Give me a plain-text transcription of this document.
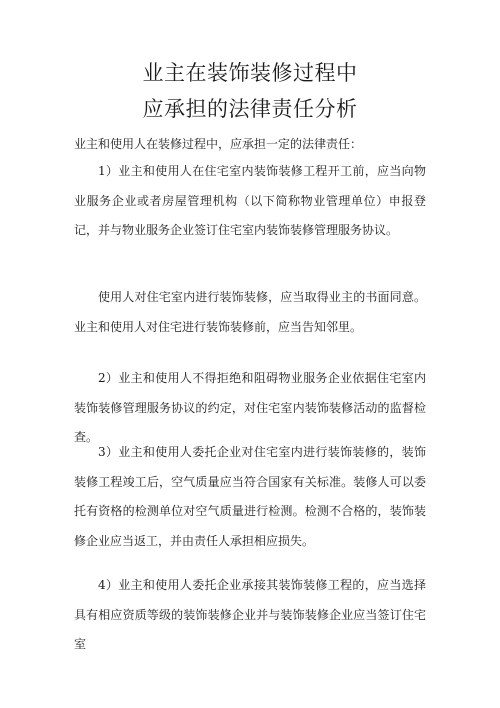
业主在装饰装修过程中
应承担的法律责任分析

业主和使用人在装修过程中，应承担一定的法律责任：

1）业主和使用人在住宅室内装饰装修工程开工前，应当向物业服务企业或者房屋管理机构（以下简称物业管理单位）申报登记，并与物业服务企业签订住宅室内装饰装修管理服务协议。

使用人对住宅室内进行装饰装修，应当取得业主的书面同意。业主和使用人对住宅进行装饰装修前，应当告知邻里。

2）业主和使用人不得拒绝和阻碍物业服务企业依据住宅室内装饰装修管理服务协议的约定，对住宅室内装饰装修活动的监督检查。

3）业主和使用人委托企业对住宅室内进行装饰装修的，装饰装修工程竣工后，空气质量应当符合国家有关标准。装修人可以委托有资格的检测单位对空气质量进行检测。检测不合格的，装饰装修企业应当返工，并由责任人承担相应损失。

4）业主和使用人委托企业承接其装饰装修工程的，应当选择具有相应资质等级的装饰装修企业并与装饰装修企业应当签订住宅室
